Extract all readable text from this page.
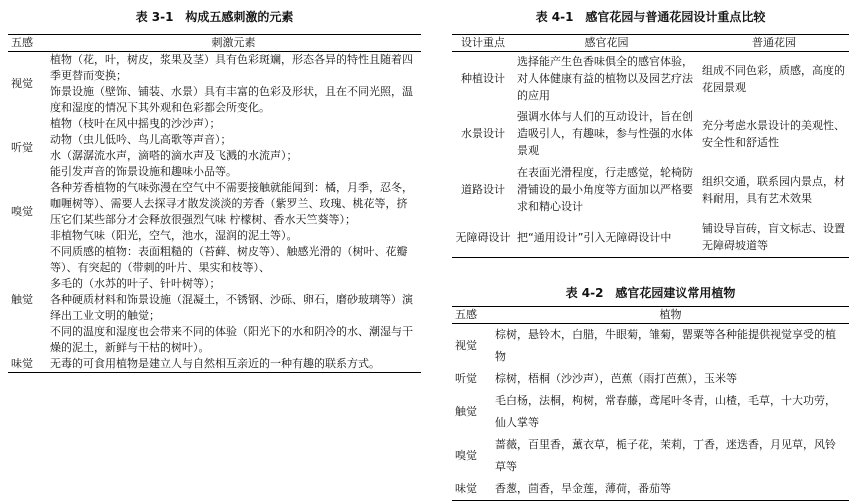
表 3-1　构成五感刺激的元素
五感	刺激元素
视觉	植物（花，叶，树皮，浆果及茎）具有色彩斑斓，形态各异的特性且随着四季更替而变换；
饰景设施（壁饰、铺装、水景）具有丰富的色彩及形状，且在不同光照，温度和湿度的情况下其外观和色彩都会所变化。

听觉	植物（枝叶在风中摇曳的沙沙声）；
动物（虫儿低吟、鸟儿高歌等声音）；
水（潺潺流水声，滴嗒的滴水声及飞溅的水流声）；
能引发声音的饰景设施和趣味小品等。

嗅觉	各种芳香植物的气味弥漫在空气中不需要接触就能闻到：橘，月季，忍冬，咖喱树等）、需要人去探寻才散发淡淡的芳香（紫罗兰、玫瑰、桃花等，挤压它们某些部分才会释放很强烈气味 柠檬树、香水天竺葵等）；
非植物气味（阳光，空气，池水，湿润的泥土等）。

触觉	不同质感的植物：表面粗糙的（苔藓、树皮等）、触感光滑的（树叶、花瓣等）、有突起的（带刺的叶片、果实和枝等）、
多毛的（水苏的叶子、针叶树等）；
各种硬质材料和饰景设施（混凝土，不锈钢、沙砾、卵石，磨砂玻璃等）演绎出工业文明的触觉；
不同的温度和湿度也会带来不同的体验（阳光下的水和阴冷的水、潮湿与干燥的泥土，新鲜与干枯的树叶）。

味觉	无毒的可食用植物是建立人与自然相互亲近的一种有趣的联系方式。
表 4-1　感官花园与普通花园设计重点比较
设计重点	感官花园	普通花园
种植设计	选择能产生色香味俱全的感官体验，对人体健康有益的植物以及园艺疗法的应用	组成不同色彩，质感，高度的花园景观
水景设计	强调水体与人们的互动设计，旨在创造吸引人，有趣味，参与性强的水体景观	充分考虑水景设计的美观性、安全性和舒适性
道路设计	在表面光滑程度，行走感觉，轮椅防滑铺设的最小角度等方面加以严格要求和精心设计	组织交通，联系园内景点，材料耐用，具有艺术效果
无障碍设计	把“通用设计”引入无障碍设计中	铺设导盲砖，盲文标志、设置无障碍坡道等
表 4-2　感官花园建议常用植物
五感	植物
视觉	棕树，悬铃木，白腊，牛眼菊，雏菊，罂粟等各种能提供视觉享受的植物
听觉	棕树，梧桐（沙沙声），芭蕉（雨打芭蕉），玉米等
触觉	毛白杨，法桐，枸树，常春藤，鸢尾叶冬青，山楂，毛草，十大功劳，仙人掌等
嗅觉	蔷薇，百里香，薰衣草，栀子花，茉莉，丁香，迷迭香，月见草，风铃草等
味觉	香葱，茴香，旱金莲，薄荷，番茄等
